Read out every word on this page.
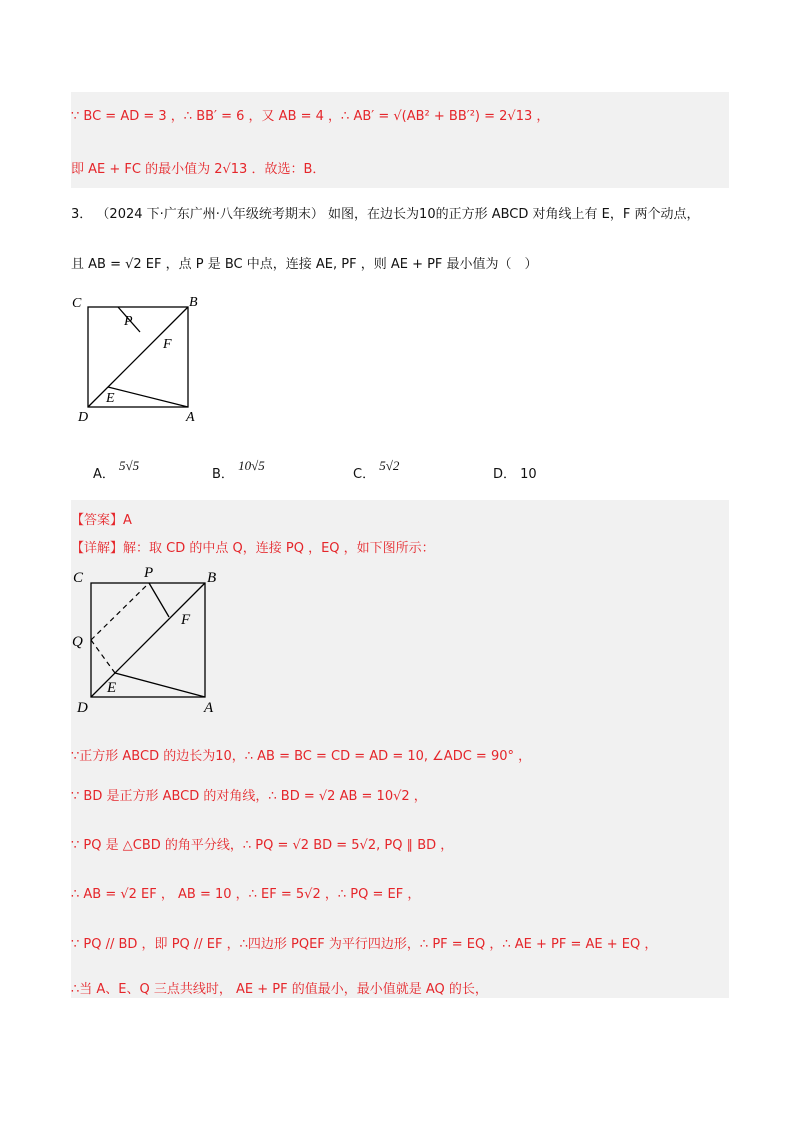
∵ BC = AD = 3 ，∴ BB′ = 6 ，又 AB = 4 ，∴ AB′ = √(AB² + BB′²) = 2√13 ，
即 AE + FC 的最小值为 2√13 ．故选：B．
3． （2024 下·广东广州·八年级统考期末） 如图，在边长为10的正方形 ABCD 对角线上有 E，F 两个动点，
且 AB = √2 EF ，点 P 是 BC 中点，连接 AE, PF ，则 AE + PF 最小值为（　）
C	B
P
F
E
D	A
A． 5√5
B． 10√5
C． 5√2
D． 10
【答案】A
【详解】解：取 CD 的中点 Q，连接 PQ ，EQ ，如下图所示：
C	P	B
F
Q
E
D	A
∵正方形 ABCD 的边长为10，∴ AB = BC = CD = AD = 10, ∠ADC = 90° ，
∵ BD 是正方形 ABCD 的对角线，∴ BD = √2 AB = 10√2 ，
∵ PQ 是 △CBD 的角平分线，∴ PQ = √2 BD = 5√2, PQ ∥ BD ，
∴ AB = √2 EF ， AB = 10 ，∴ EF = 5√2 ，∴ PQ = EF ，
∵ PQ // BD ，即 PQ // EF ，∴四边形 PQEF 为平行四边形，∴ PF = EQ ，∴ AE + PF = AE + EQ ，
∴当 A、E、Q 三点共线时， AE + PF 的值最小，最小值就是 AQ 的长，
